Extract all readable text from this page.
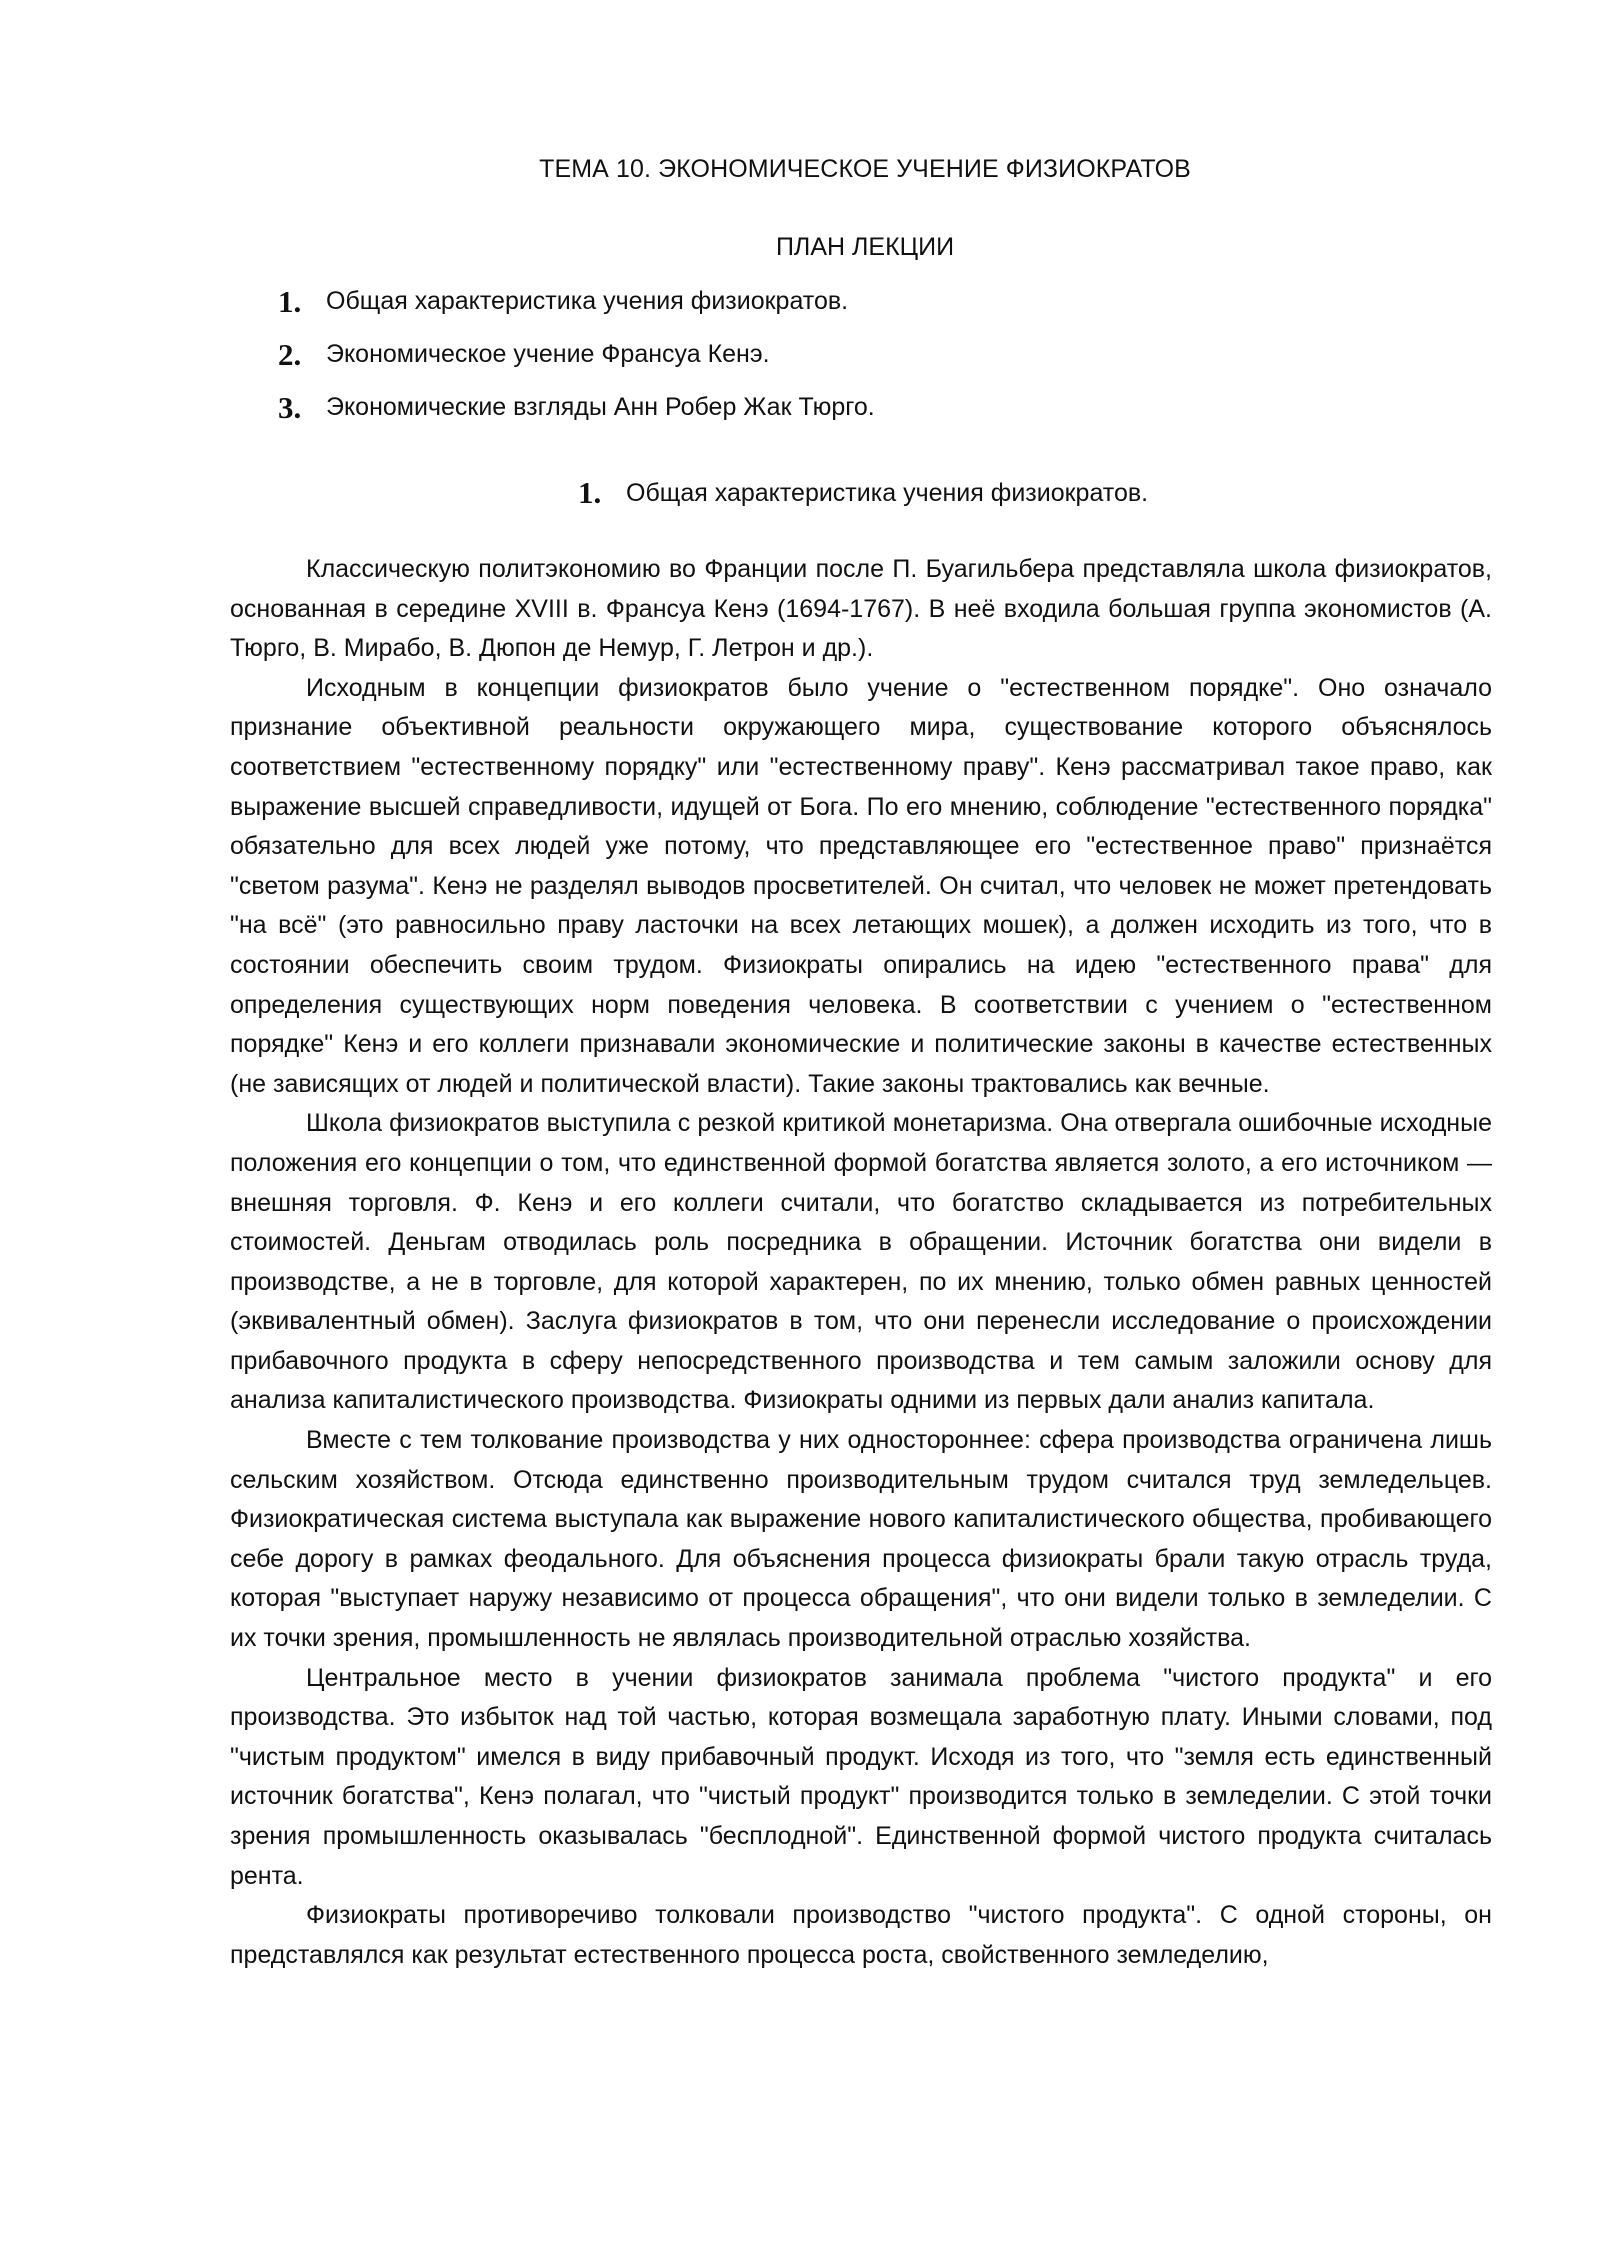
ТЕМА 10. ЭКОНОМИЧЕСКОЕ УЧЕНИЕ ФИЗИОКРАТОВ
ПЛАН ЛЕКЦИИ
1. Общая характеристика учения физиократов.
2. Экономическое учение Франсуа Кенэ.
3. Экономические взгляды Анн Робер Жак Тюрго.
1. Общая характеристика учения физиократов.

Классическую политэкономию во Франции после П. Буагильбера представляла школа физиократов, основанная в середине XVIII в. Франсуа Кенэ (1694-1767). В неё входила большая группа экономистов (А. Тюрго, В. Мирабо, В. Дюпон де Немур, Г. Летрон и др.).

Исходным в концепции физиократов было учение о "естественном порядке". Оно означало признание объективной реальности окружающего мира, существование которого объяснялось соответствием "естественному порядку" или "естественному праву". Кенэ рассматривал такое право, как выражение высшей справедливости, идущей от Бога. По его мнению, соблюдение "естественного порядка" обязательно для всех людей уже потому, что представляющее его "естественное право" признаётся "светом разума". Кенэ не разделял выводов просветителей. Он считал, что человек не может претендовать "на всё" (это равносильно праву ласточки на всех летающих мошек), а должен исходить из того, что в состоянии обеспечить своим трудом. Физиократы опирались на идею "естественного права" для определения существующих норм поведения человека. В соответствии с учением о "естественном порядке" Кенэ и его коллеги признавали экономические и политические законы в качестве естественных (не зависящих от людей и политической власти). Такие законы трактовались как вечные.

Школа физиократов выступила с резкой критикой монетаризма. Она отвергала ошибочные исходные положения его концепции о том, что единственной формой богатства является золото, а его источником — внешняя торговля. Ф. Кенэ и его коллеги считали, что богатство складывается из потребительных стоимостей. Деньгам отводилась роль посредника в обращении. Источник богатства они видели в производстве, а не в торговле, для которой характерен, по их мнению, только обмен равных ценностей (эквивалентный обмен). Заслуга физиократов в том, что они перенесли исследование о происхождении прибавочного продукта в сферу непосредственного производства и тем самым заложили основу для анализа капиталистического производства. Физиократы одними из первых дали анализ капитала.

Вместе с тем толкование производства у них одностороннее: сфера производства ограничена лишь сельским хозяйством. Отсюда единственно производительным трудом считался труд земледельцев. Физиократическая система выступала как выражение нового капиталистического общества, пробивающего себе дорогу в рамках феодального. Для объяснения процесса физиократы брали такую отрасль труда, которая "выступает наружу независимо от процесса обращения", что они видели только в земледелии. С их точки зрения, промышленность не являлась производительной отраслью хозяйства.

Центральное место в учении физиократов занимала проблема "чистого продукта" и его производства. Это избыток над той частью, которая возмещала заработную плату. Иными словами, под "чистым продуктом" имелся в виду прибавочный продукт. Исходя из того, что "земля есть единственный источник богатства", Кенэ полагал, что "чистый продукт" производится только в земледелии. С этой точки зрения промышленность оказывалась "бесплодной". Единственной формой чистого продукта считалась рента.

Физиократы противоречиво толковали производство "чистого продукта". С одной стороны, он представлялся как результат естественного процесса роста, свойственного земледелию,
